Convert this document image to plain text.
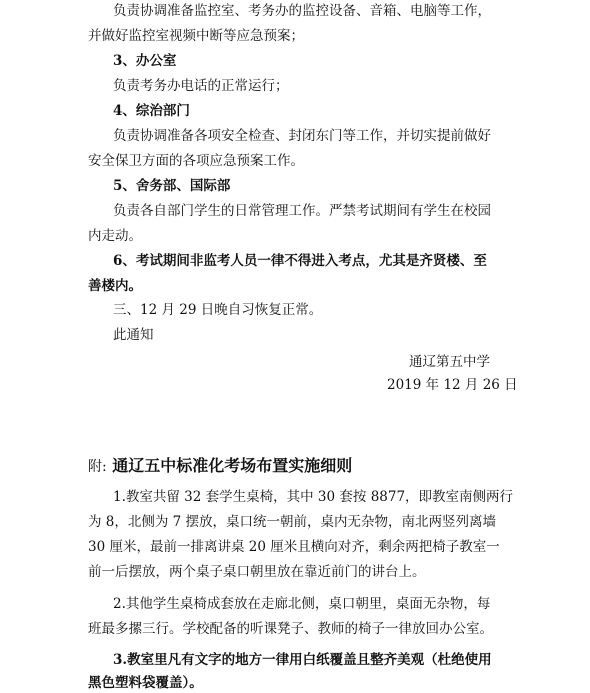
负责协调准备监控室、考务办的监控设备、音箱、电脑等工作，
并做好监控室视频中断等应急预案；
3、办公室
负责考务办电话的正常运行；
4、综治部门
负责协调准备各项安全检查、封闭东门等工作，并切实提前做好
安全保卫方面的各项应急预案工作。
5、舍务部、国际部
负责各自部门学生的日常管理工作。严禁考试期间有学生在校园
内走动。
6、考试期间非监考人员一律不得进入考点，尤其是齐贤楼、至
善楼内。
三、12 月 29 日晚自习恢复正常。
此通知
通辽第五中学
2019 年 12 月 26 日
附: 通辽五中标准化考场布置实施细则
1.教室共留 32 套学生桌椅，其中 30 套按 8877，即教室南侧两行
为 8，北侧为 7 摆放，桌口统一朝前，桌内无杂物，南北两竖列离墙
30 厘米，最前一排离讲桌 20 厘米且横向对齐，剩余两把椅子教室一
前一后摆放，两个桌子桌口朝里放在靠近前门的讲台上。
2.其他学生桌椅成套放在走廊北侧，桌口朝里，桌面无杂物，每
班最多摞三行。学校配备的听课凳子、教师的椅子一律放回办公室。
3.教室里凡有文字的地方一律用白纸覆盖且整齐美观（杜绝使用
黑色塑料袋覆盖）。
